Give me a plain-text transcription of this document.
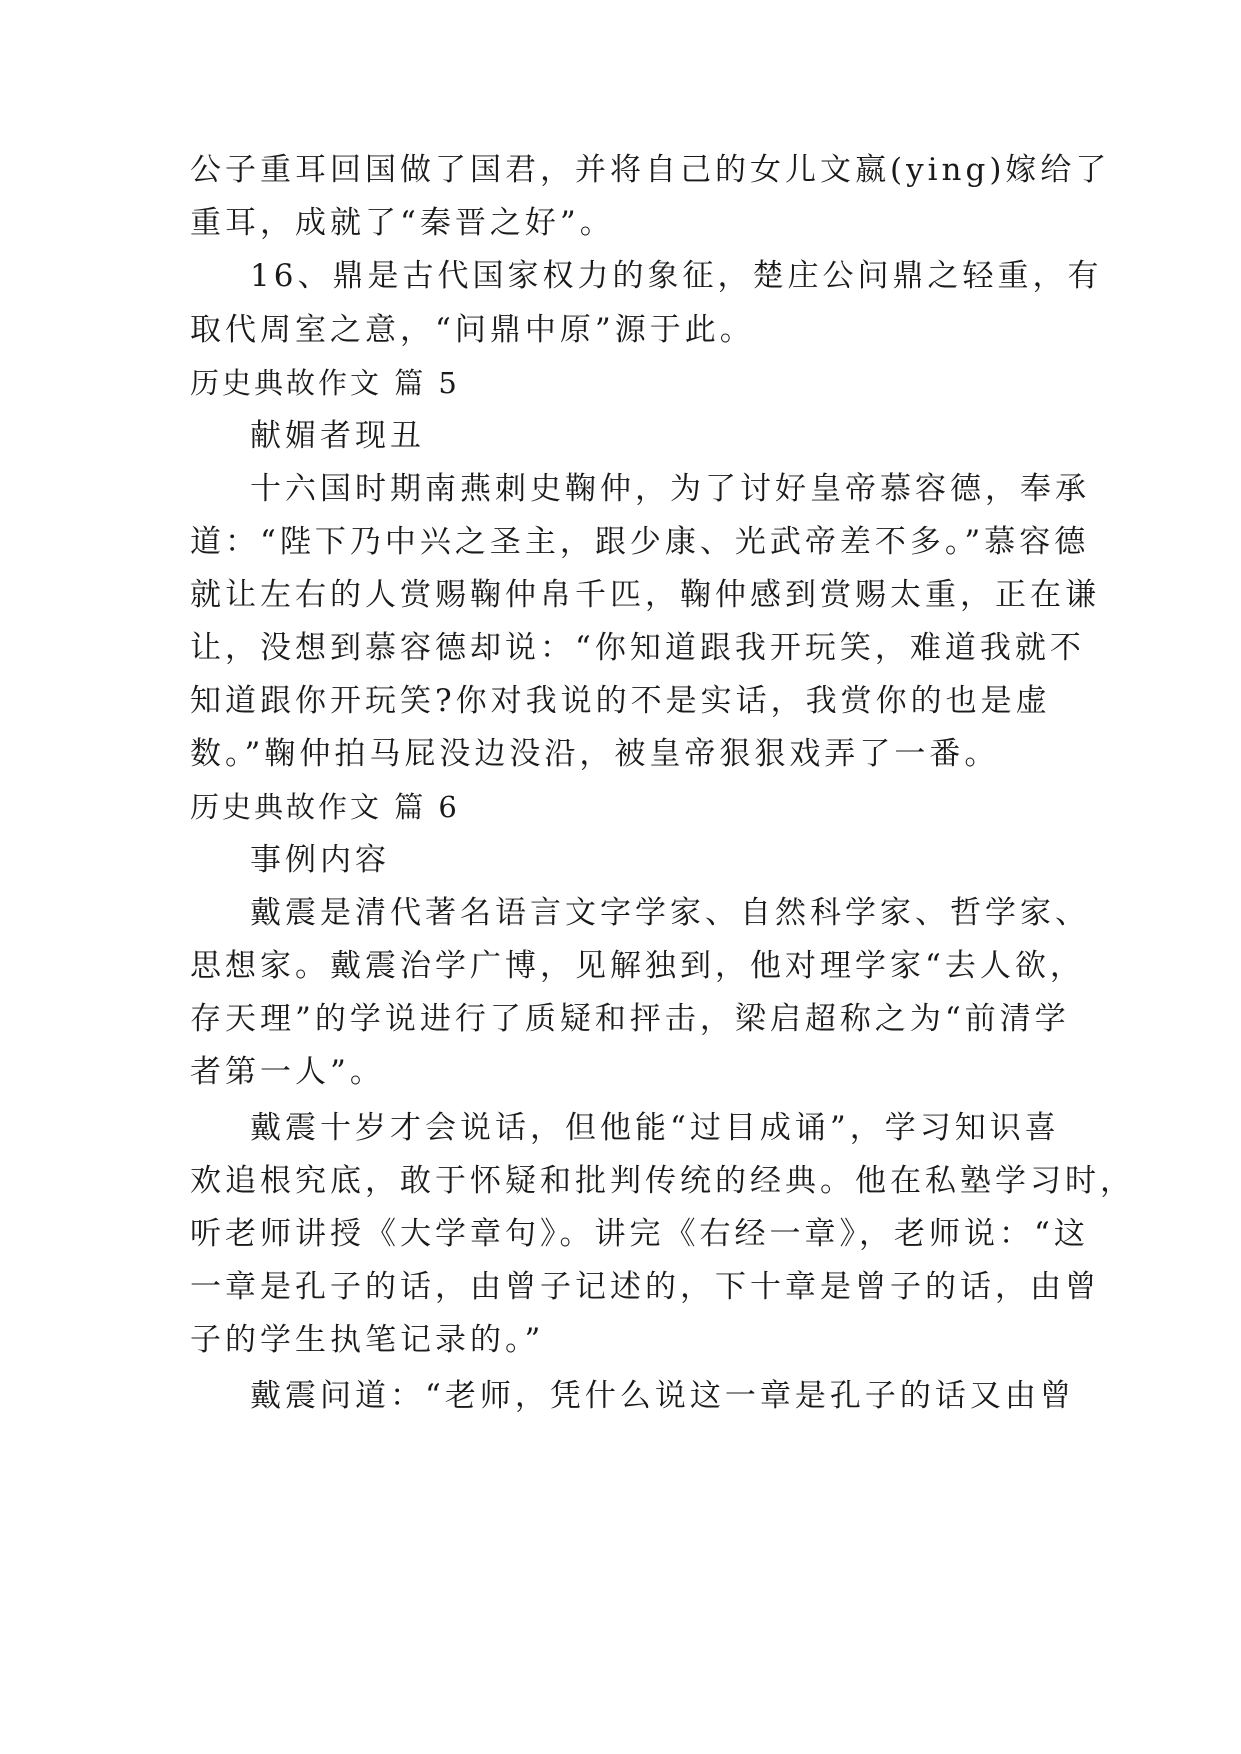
公子重耳回国做了国君，并将自己的女儿文嬴(ying)嫁给了
重耳，成就了“秦晋之好”。
16、鼎是古代国家权力的象征，楚庄公问鼎之轻重，有
取代周室之意，“问鼎中原”源于此。
历史典故作文 篇 5
献媚者现丑
十六国时期南燕刺史鞠仲，为了讨好皇帝慕容德，奉承
道：“陛下乃中兴之圣主，跟少康、光武帝差不多。”慕容德
就让左右的人赏赐鞠仲帛千匹，鞠仲感到赏赐太重，正在谦
让，没想到慕容德却说：“你知道跟我开玩笑，难道我就不
知道跟你开玩笑?你对我说的不是实话，我赏你的也是虚
数。”鞠仲拍马屁没边没沿，被皇帝狠狠戏弄了一番。
历史典故作文 篇 6
事例内容
戴震是清代著名语言文字学家、自然科学家、哲学家、
思想家。戴震治学广博，见解独到，他对理学家“去人欲，
存天理”的学说进行了质疑和抨击，梁启超称之为“前清学
者第一人”。
戴震十岁才会说话，但他能“过目成诵”，学习知识喜
欢追根究底，敢于怀疑和批判传统的经典。他在私塾学习时，
听老师讲授《大学章句》。讲完《右经一章》，老师说：“这
一章是孔子的话，由曾子记述的，下十章是曾子的话，由曾
子的学生执笔记录的。”
戴震问道：“老师，凭什么说这一章是孔子的话又由曾
